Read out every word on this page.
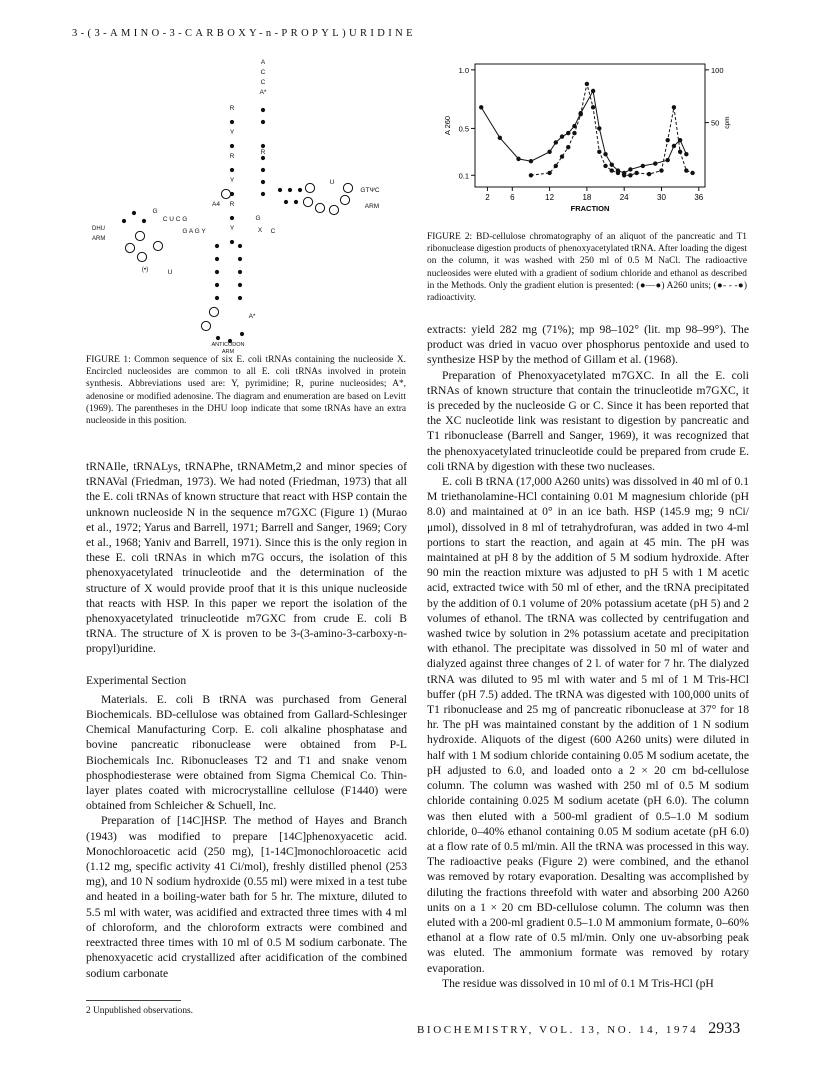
3-(3-AMINO-3-CARBOXY-n-PROPYL)URIDINE
A
C
C
A*
R
R
Y
R
Y
R
Y
U
GTΨC
ARM
A4
C U C G
G A G Y
G
(•)	U
DHU
ARM
G
X C
A*
ANTICODON
ARM
FIGURE 1: Common sequence of six E. coli tRNAs containing the nucleoside X. Encircled nucleosides are common to all E. coli tRNAs involved in protein synthesis. Abbreviations used are: Y, pyrimidine; R, purine nucleosides; A*, adenosine or modified adenosine. The diagram and enumeration are based on Levitt (1969). The parentheses in the DHU loop indicate that some tRNAs have an extra nucleoside in this position.
2	6	12	18	24	30	36
FRACTION
0.1
0.5
1.0
A 260	50
100
cpm
FIGURE 2: BD-cellulose chromatography of an aliquot of the pancreatic and T1 ribonuclease digestion products of phenoxyacetylated tRNA. After loading the digest on the column, it was washed with 250 ml of 0.5 M NaCl. The radioactive nucleosides were eluted with a gradient of sodium chloride and ethanol as described in the Methods. Only the gradient elution is presented: (●—●) A260 units; (●- - -●) radioactivity.

tRNAIle, tRNALys, tRNAPhe, tRNAMetm,2 and minor species of tRNAVal (Friedman, 1973). We had noted (Friedman, 1973) that all the E. coli tRNAs of known structure that react with HSP contain the unknown nucleoside N in the sequence m7GXC (Figure 1) (Murao et al., 1972; Yarus and Barrell, 1971; Barrell and Sanger, 1969; Cory et al., 1968; Yaniv and Barrell, 1971). Since this is the only region in these E. coli tRNAs in which m7G occurs, the isolation of this phenoxyacetylated trinucleotide and the determination of the structure of X would provide proof that it is this unique nucleoside that reacts with HSP. In this paper we report the isolation of the phenoxyacetylated trinucleotide m7GXC from crude E. coli B tRNA. The structure of X is proven to be 3-(3-amino-3-carboxy-n-propyl)uridine.

Experimental Section

Materials. E. coli B tRNA was purchased from General Biochemicals. BD-cellulose was obtained from Gallard-Schlesinger Chemical Manufacturing Corp. E. coli alkaline phosphatase and bovine pancreatic ribonuclease were obtained from P-L Biochemicals Inc. Ribonucleases T2 and T1 and snake venom phosphodiesterase were obtained from Sigma Chemical Co. Thin-layer plates coated with microcrystalline cellulose (F1440) were obtained from Schleicher & Schuell, Inc.

Preparation of [14C]HSP. The method of Hayes and Branch (1943) was modified to prepare [14C]phenoxyacetic acid. Monochloroacetic acid (250 mg), [1-14C]monochloroacetic acid (1.12 mg, specific activity 41 Ci/mol), freshly distilled phenol (253 mg), and 10 N sodium hydroxide (0.55 ml) were mixed in a test tube and heated in a boiling-water bath for 5 hr. The mixture, diluted to 5.5 ml with water, was acidified and extracted three times with 4 ml of chloroform, and the chloroform extracts were combined and reextracted three times with 10 ml of 0.5 M sodium carbonate. The phenoxyacetic acid crystallized after acidification of the combined sodium carbonate

extracts: yield 282 mg (71%); mp 98–102° (lit. mp 98–99°). The product was dried in vacuo over phosphorus pentoxide and used to synthesize HSP by the method of Gillam et al. (1968).

Preparation of Phenoxyacetylated m7GXC. In all the E. coli tRNAs of known structure that contain the trinucleotide m7GXC, it is preceded by the nucleoside G or C. Since it has been reported that the XC nucleotide link was resistant to digestion by pancreatic and T1 ribonuclease (Barrell and Sanger, 1969), it was recognized that the phenoxyacetylated trinucleotide could be prepared from crude E. coli tRNA by digestion with these two nucleases.

E. coli B tRNA (17,000 A260 units) was dissolved in 40 ml of 0.1 M triethanolamine-HCl containing 0.01 M magnesium chloride (pH 8.0) and maintained at 0° in an ice bath. HSP (145.9 mg; 9 nCi/μmol), dissolved in 8 ml of tetrahydrofuran, was added in two 4-ml portions to start the reaction, and again at 45 min. The pH was maintained at pH 8 by the addition of 5 M sodium hydroxide. After 90 min the reaction mixture was adjusted to pH 5 with 1 M acetic acid, extracted twice with 50 ml of ether, and the tRNA precipitated by the addition of 0.1 volume of 20% potassium acetate (pH 5) and 2 volumes of ethanol. The tRNA was collected by centrifugation and washed twice by solution in 2% potassium acetate and precipitation with ethanol. The precipitate was dissolved in 50 ml of water and dialyzed against three changes of 2 l. of water for 7 hr. The dialyzed tRNA was diluted to 95 ml with water and 5 ml of 1 M Tris-HCl buffer (pH 7.5) added. The tRNA was digested with 100,000 units of T1 ribonuclease and 25 mg of pancreatic ribonuclease at 37° for 18 hr. The pH was maintained constant by the addition of 1 N sodium hydroxide. Aliquots of the digest (600 A260 units) were diluted in half with 1 M sodium chloride containing 0.05 M sodium acetate, the pH adjusted to 6.0, and loaded onto a 2 × 20 cm bd-cellulose column. The column was washed with 250 ml of 0.5 M sodium chloride containing 0.025 M sodium acetate (pH 6.0). The column was then eluted with a 500-ml gradient of 0.5–1.0 M sodium chloride, 0–40% ethanol containing 0.05 M sodium acetate (pH 6.0) at a flow rate of 0.5 ml/min. All the tRNA was processed in this way. The radioactive peaks (Figure 2) were combined, and the ethanol was removed by rotary evaporation. Desalting was accomplished by diluting the fractions threefold with water and absorbing 200 A260 units on a 1 × 20 cm BD-cellulose column. The column was then eluted with a 200-ml gradient 0.5–1.0 M ammonium formate, 0–60% ethanol at a flow rate of 0.5 ml/min. Only one uv-absorbing peak was eluted. The ammonium formate was removed by rotary evaporation.

The residue was dissolved in 10 ml of 0.1 M Tris-HCl (pH

2 Unpublished observations.
BIOCHEMISTRY, VOL. 13, NO. 14, 1974 2933
